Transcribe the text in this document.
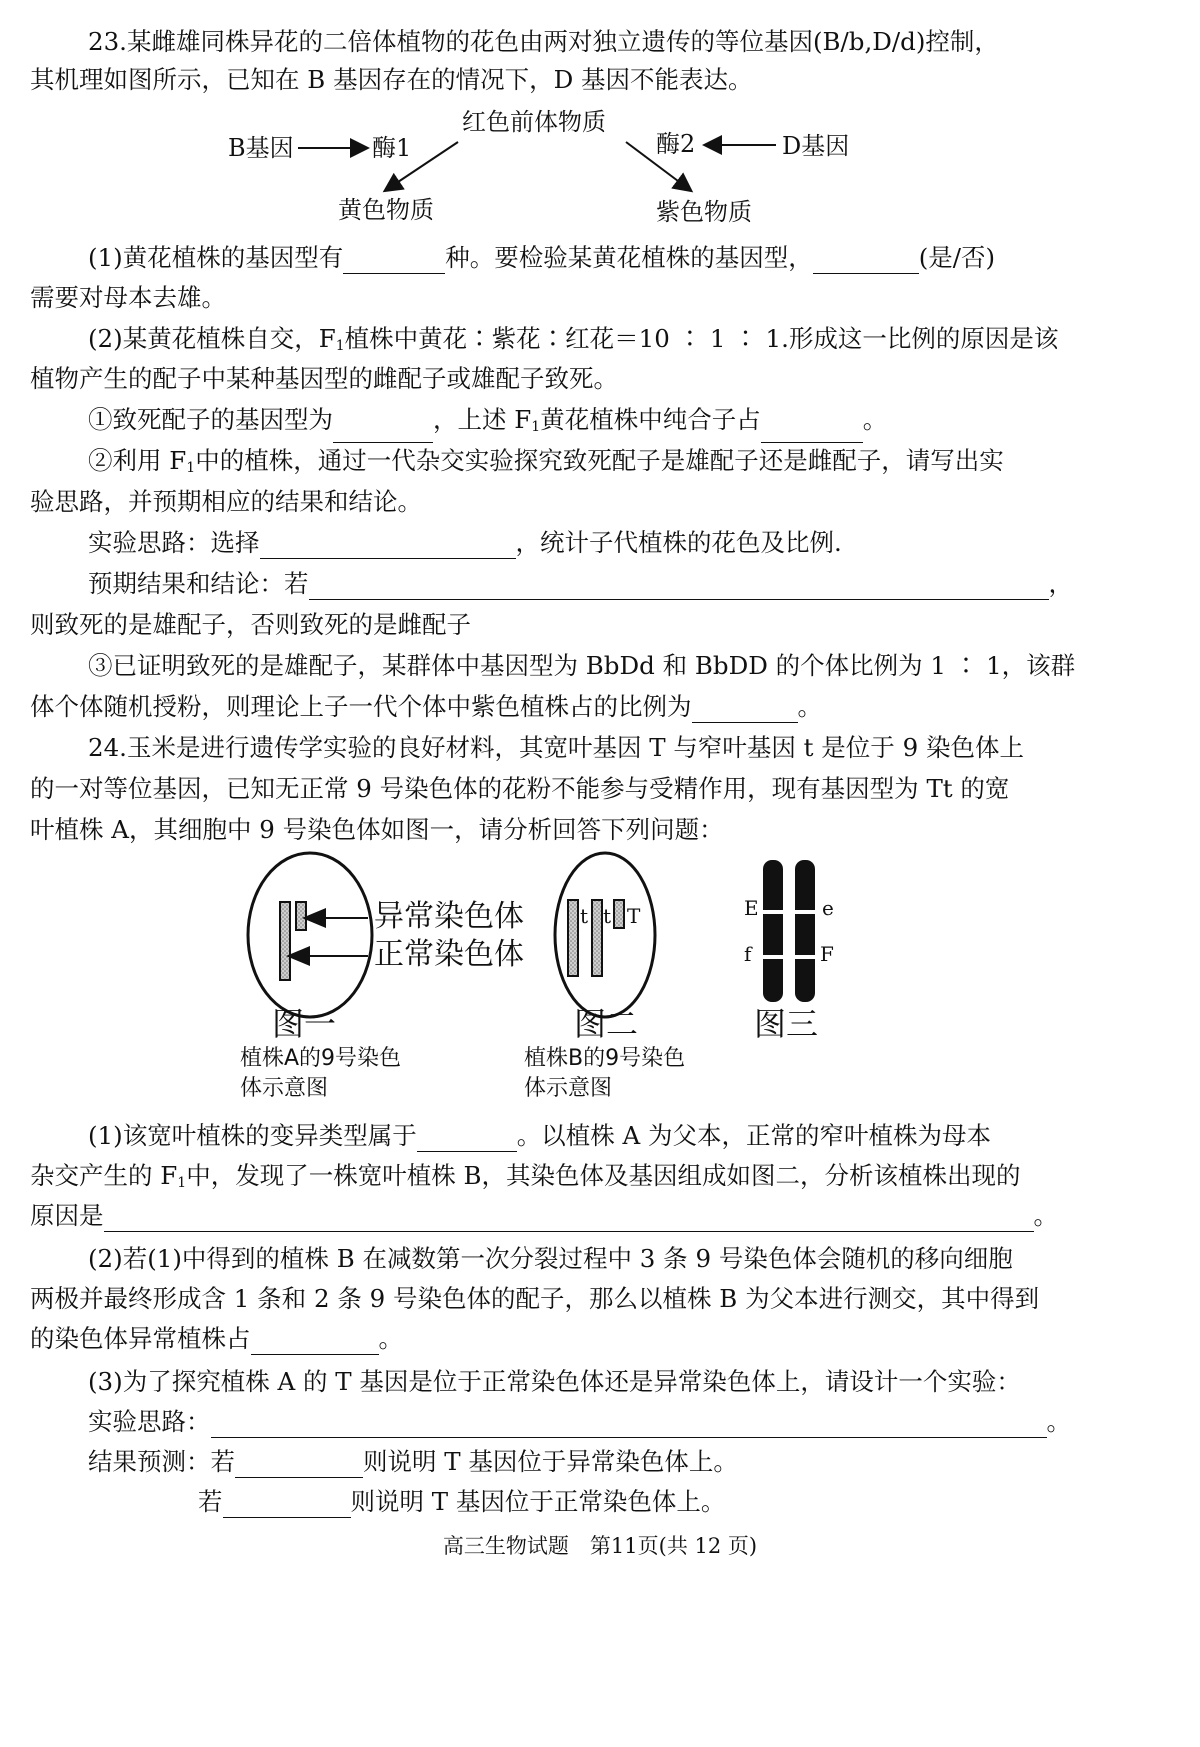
23.某雌雄同株异花的二倍体植物的花色由两对独立遗传的等位基因(B/b,D/d)控制，
其机理如图所示，已知在 B 基因存在的情况下，D 基因不能表达。
红色前体物质
B基因	酶1	酶2	D基因
黄色物质	紫色物质
(1)黄花植株的基因型有	种。要检验某黄花植株的基因型，	(是/否)
需要对母本去雄。
(2)某黄花植株自交，$F_1$植株中黄花∶紫花∶红花＝10 ∶ 1 ∶ 1.形成这一比例的原因是该
植物产生的配子中某种基因型的雌配子或雄配子致死。
①致死配子的基因型为	，上述 $F_1$黄花植株中纯合子占	。
②利用 $F_1$中的植株，通过一代杂交实验探究致死配子是雄配子还是雌配子，请写出实
验思路，并预期相应的结果和结论。
实验思路：选择	，统计子代植株的花色及比例.
预期结果和结论：若	，
则致死的是雄配子，否则致死的是雌配子
③已证明致死的是雄配子，某群体中基因型为 BbDd 和 BbDD 的个体比例为 1 ∶ 1，该群
体个体随机授粉，则理论上子一代个体中紫色植株占的比例为	。
24.玉米是进行遗传学实验的良好材料，其宽叶基因 T 与窄叶基因 t 是位于 9 染色体上
的一对等位基因，已知无正常 9 号染色体的花粉不能参与受精作用，现有基因型为 Tt 的宽
叶植株 A，其细胞中 9 号染色体如图一，请分析回答下列问题：
异常染色体
正常染色体
t t T	E	e
f	F
图一
植株A的9号染色
体示意图
图二
植株B的9号染色
体示意图
图三
(1)该宽叶植株的变异类型属于	。以植株 A 为父本，正常的窄叶植株为母本
杂交产生的 $F_1$中，发现了一株宽叶植株 B，其染色体及基因组成如图二，分析该植株出现的
原因是	。
(2)若(1)中得到的植株 B 在减数第一次分裂过程中 3 条 9 号染色体会随机的移向细胞
两极并最终形成含 1 条和 2 条 9 号染色体的配子，那么以植株 B 为父本进行测交，其中得到
的染色体异常植株占	。
(3)为了探究植株 A 的 T 基因是位于正常染色体还是异常染色体上，请设计一个实验：
实验思路：	。
结果预测：若	则说明 T 基因位于异常染色体上。
若	则说明 T 基因位于正常染色体上。
高三生物试题　第11页(共 12 页)
